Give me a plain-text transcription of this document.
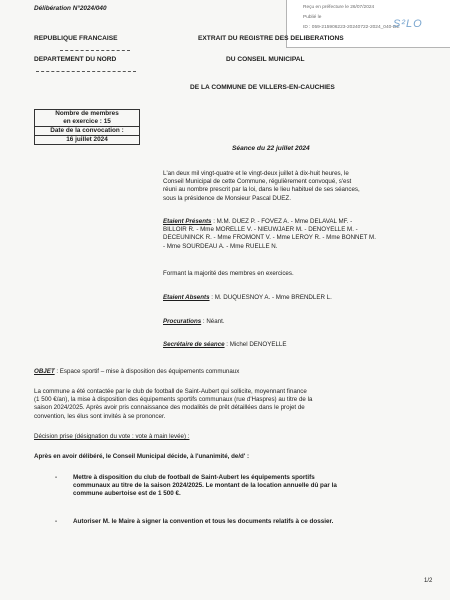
Délibération N°2024/040	Reçu en préfecture le 26/07/2024
Publié le
ID : 059-215906223-20240722-2024_040-DE
S²LO
REPUBLIQUE FRANCAISE
DEPARTEMENT DU NORD
EXTRAIT DU REGISTRE DES DELIBERATIONS
DU CONSEIL MUNICIPAL
DE LA COMMUNE DE VILLERS-EN-CAUCHIES
Nombre de membres
en exercice : 15
Date de la convocation :
16 juillet 2024
Séance du 22 juillet 2024
L'an deux mil vingt-quatre et le vingt-deux juillet à dix-huit heures, le
Conseil Municipal de cette Commune, régulièrement convoqué, s'est
réuni au nombre prescrit par la loi, dans le lieu habituel de ses séances,
sous la présidence de Monsieur Pascal DUEZ.
Etaient Présents : M.M. DUEZ P. - FOVEZ A. - Mme DELAVAL MF. -
BILLOIR R. - Mme MORELLE V. - NIEUWJAER M. - DENOYELLE M. -
DECEUNINCK R. - Mme FROMONT V. - Mme LEROY R. - Mme BONNET M.
- Mme SOURDEAU A. - Mme RUELLE N.
Formant la majorité des membres en exercices.
Etaient Absents : M. DUQUESNOY A. - Mme BRENDLER L.
Procurations : Néant.
Secrétaire de séance : Michel DENOYELLE
OBJET : Espace sportif – mise à disposition des équipements communaux
La commune a été contactée par le club de football de Saint-Aubert qui sollicite, moyennant finance
(1 500 €/an), la mise à disposition des équipements sportifs communaux (rue d'Haspres) au titre de la
saison 2024/2025. Après avoir pris connaissance des modalités de prêt détaillées dans le projet de
convention, les élus sont invités à se prononcer.
Décision prise (désignation du vote : vote à main levée) :
Après en avoir délibéré, le Conseil Municipal décide, à l'unanimité, de/d' :
-	Mettre à disposition du club de football de Saint-Aubert les équipements sportifs
communaux au titre de la saison 2024/2025. Le montant de la location annuelle dû par la
commune aubertoise est de 1 500 €.
-	Autoriser M. le Maire à signer la convention et tous les documents relatifs à ce dossier.
1/2
